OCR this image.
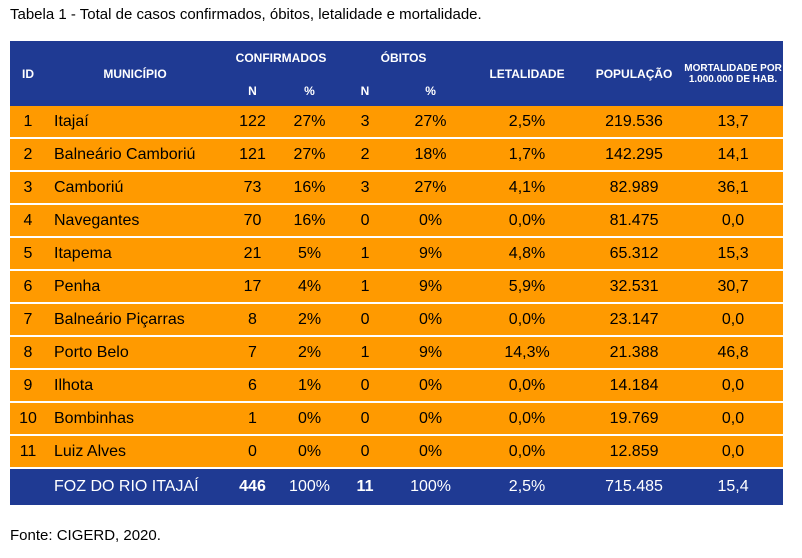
Tabela 1 - Total de casos confirmados, óbitos, letalidade e mortalidade.
ID	MUNICÍPIO	CONFIRMADOS		ÓBITOS		LETALIDADE	POPULAÇÃO	MORTALIDADE POR 1.000.000 DE HAB.
		N	%	N	%			
1	Itajaí	122	27%	3	27%	2,5%	219.536	13,7
2	Balneário Camboriú	121	27%	2	18%	1,7%	142.295	14,1
3	Camboriú	73	16%	3	27%	4,1%	82.989	36,1
4	Navegantes	70	16%	0	0%	0,0%	81.475	0,0
5	Itapema	21	5%	1	9%	4,8%	65.312	15,3
6	Penha	17	4%	1	9%	5,9%	32.531	30,7
7	Balneário Piçarras	8	2%	0	0%	0,0%	23.147	0,0
8	Porto Belo	7	2%	1	9%	14,3%	21.388	46,8
9	Ilhota	6	1%	0	0%	0,0%	14.184	0,0
10	Bombinhas	1	0%	0	0%	0,0%	19.769	0,0
11	Luiz Alves	0	0%	0	0%	0,0%	12.859	0,0
	FOZ DO RIO ITAJAÍ	446	100%	11	100%	2,5%	715.485	15,4
Fonte: CIGERD, 2020.
